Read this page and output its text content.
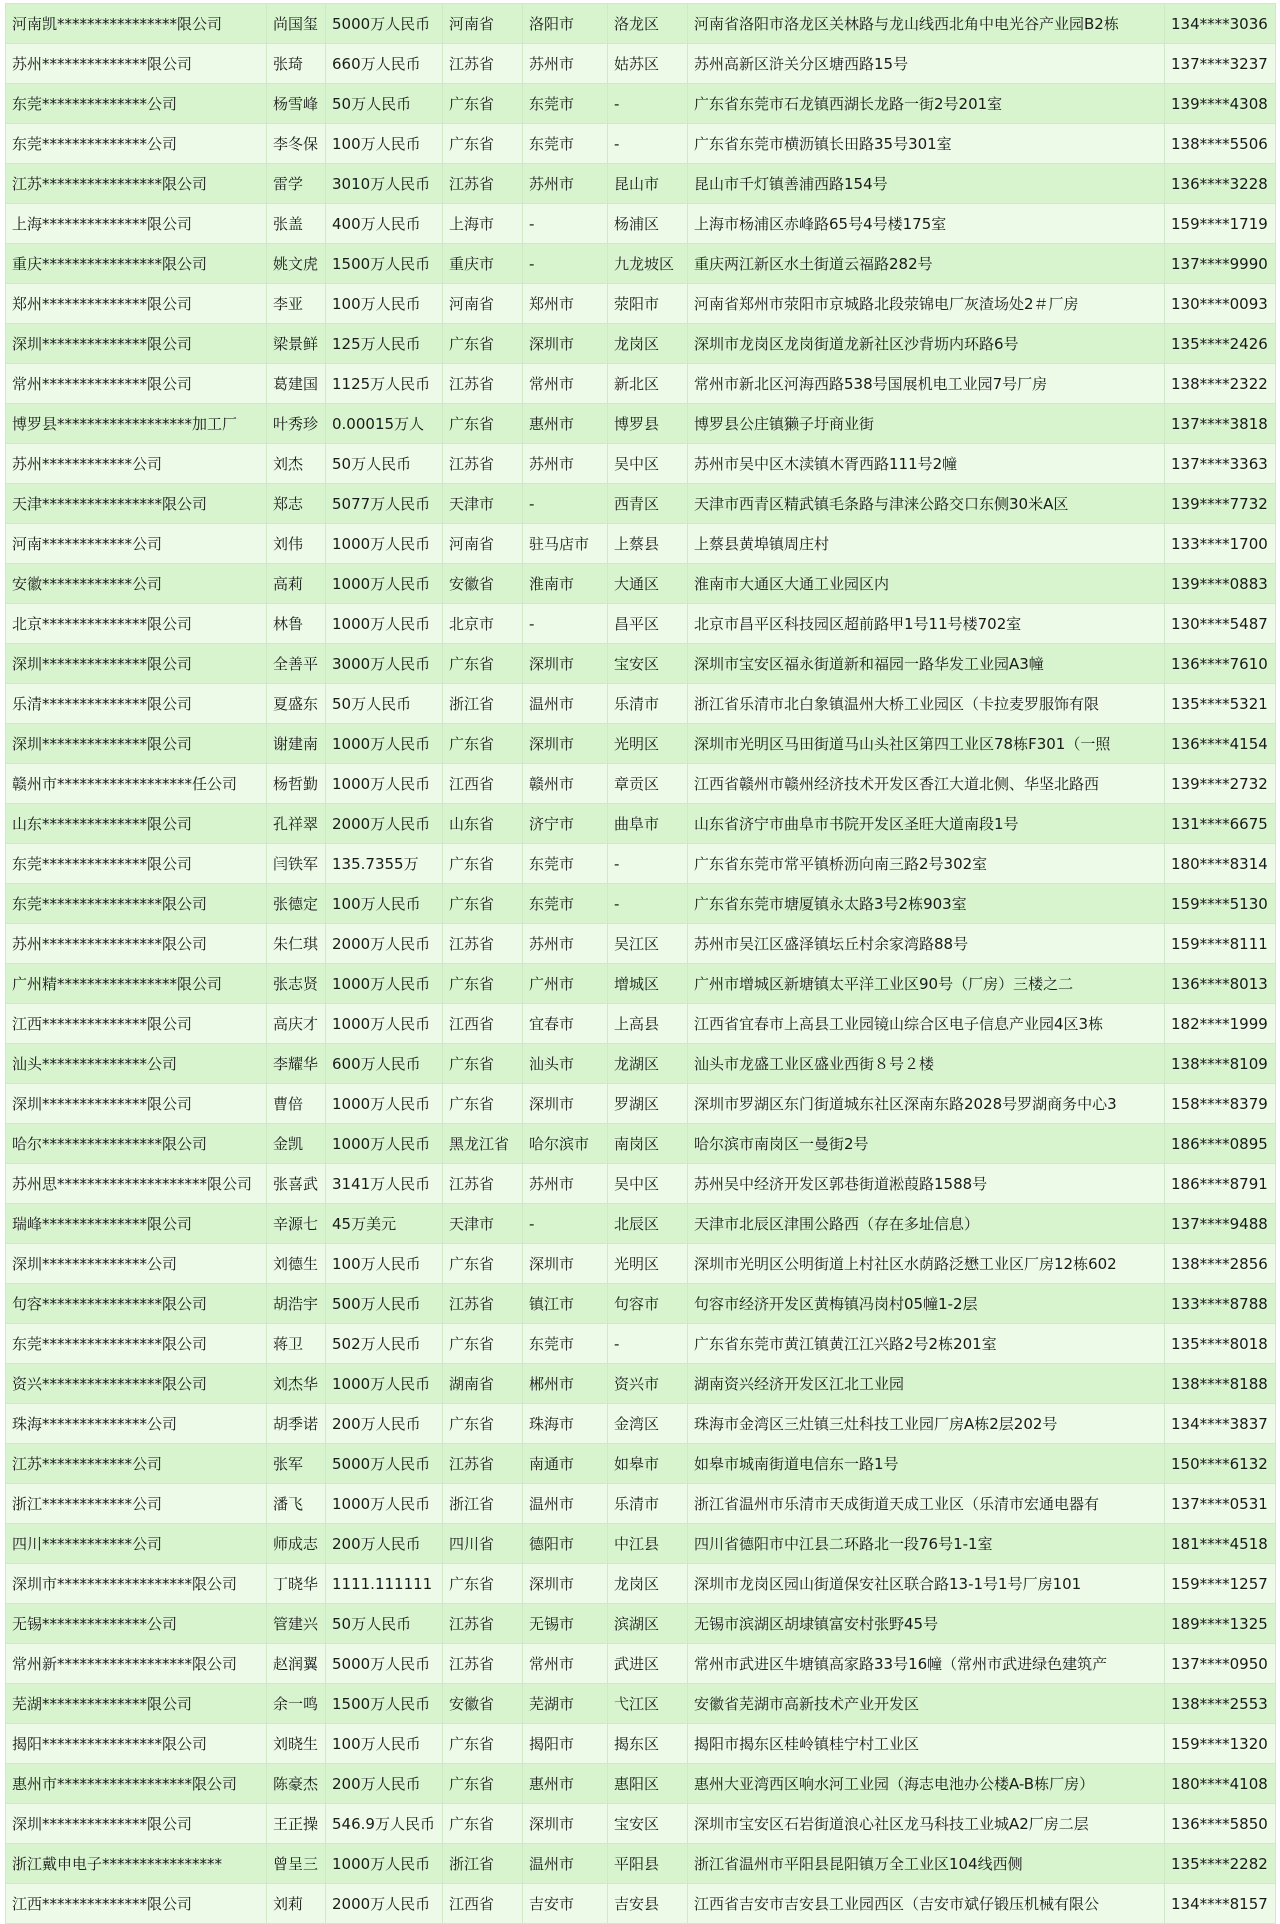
河南凯****************限公司	尚国玺	5000万人民币	河南省	洛阳市	洛龙区	河南省洛阳市洛龙区关林路与龙山线西北角中电光谷产业园B2栋	134****3036
苏州**************限公司	张琦	660万人民币	江苏省	苏州市	姑苏区	苏州高新区浒关分区塘西路15号	137****3237
东莞**************公司	杨雪峰	50万人民币	广东省	东莞市	-	广东省东莞市石龙镇西湖长龙路一街2号201室	139****4308
东莞**************公司	李冬保	100万人民币	广东省	东莞市	-	广东省东莞市横沥镇长田路35号301室	138****5506
江苏****************限公司	雷学	3010万人民币	江苏省	苏州市	昆山市	昆山市千灯镇善浦西路154号	136****3228
上海**************限公司	张盖	400万人民币	上海市	-	杨浦区	上海市杨浦区赤峰路65号4号楼175室	159****1719
重庆****************限公司	姚文虎	1500万人民币	重庆市	-	九龙坡区	重庆两江新区水土街道云福路282号	137****9990
郑州**************限公司	李亚	100万人民币	河南省	郑州市	荥阳市	河南省郑州市荥阳市京城路北段荥锦电厂灰渣场处2＃厂房	130****0093
深圳**************限公司	梁景鲜	125万人民币	广东省	深圳市	龙岗区	深圳市龙岗区龙岗街道龙新社区沙背坜内环路6号	135****2426
常州**************限公司	葛建国	1125万人民币	江苏省	常州市	新北区	常州市新北区河海西路538号国展机电工业园7号厂房	138****2322
博罗县******************加工厂	叶秀珍	0.00015万人	广东省	惠州市	博罗县	博罗县公庄镇獭子圩商业街	137****3818
苏州************公司	刘杰	50万人民币	江苏省	苏州市	吴中区	苏州市吴中区木渎镇木胥西路111号2幢	137****3363
天津****************限公司	郑志	5077万人民币	天津市	-	西青区	天津市西青区精武镇毛条路与津涞公路交口东侧30米A区	139****7732
河南************公司	刘伟	1000万人民币	河南省	驻马店市	上蔡县	上蔡县黄埠镇周庄村	133****1700
安徽************公司	高莉	1000万人民币	安徽省	淮南市	大通区	淮南市大通区大通工业园区内	139****0883
北京**************限公司	林鲁	1000万人民币	北京市	-	昌平区	北京市昌平区科技园区超前路甲1号11号楼702室	130****5487
深圳**************限公司	全善平	3000万人民币	广东省	深圳市	宝安区	深圳市宝安区福永街道新和福园一路华发工业园A3幢	136****7610
乐清**************限公司	夏盛东	50万人民币	浙江省	温州市	乐清市	浙江省乐清市北白象镇温州大桥工业园区（卡拉麦罗服饰有限	135****5321
深圳**************限公司	谢建南	1000万人民币	广东省	深圳市	光明区	深圳市光明区马田街道马山头社区第四工业区78栋F301（一照	136****4154
赣州市******************任公司	杨哲勤	1000万人民币	江西省	赣州市	章贡区	江西省赣州市赣州经济技术开发区香江大道北侧、华坚北路西	139****2732
山东**************限公司	孔祥翠	2000万人民币	山东省	济宁市	曲阜市	山东省济宁市曲阜市书院开发区圣旺大道南段1号	131****6675
东莞**************限公司	闫铁军	135.7355万	广东省	东莞市	-	广东省东莞市常平镇桥沥向南三路2号302室	180****8314
东莞****************限公司	张德定	100万人民币	广东省	东莞市	-	广东省东莞市塘厦镇永太路3号2栋903室	159****5130
苏州****************限公司	朱仁琪	2000万人民币	江苏省	苏州市	吴江区	苏州市吴江区盛泽镇坛丘村余家湾路88号	159****8111
广州精****************限公司	张志贤	1000万人民币	广东省	广州市	增城区	广州市增城区新塘镇太平洋工业区90号（厂房）三楼之二	136****8013
江西**************限公司	高庆才	1000万人民币	江西省	宜春市	上高县	江西省宜春市上高县工业园镜山综合区电子信息产业园4区3栋	182****1999
汕头**************公司	李耀华	600万人民币	广东省	汕头市	龙湖区	汕头市龙盛工业区盛业西街８号２楼	138****8109
深圳**************限公司	曹倍	1000万人民币	广东省	深圳市	罗湖区	深圳市罗湖区东门街道城东社区深南东路2028号罗湖商务中心3	158****8379
哈尔****************限公司	金凯	1000万人民币	黑龙江省	哈尔滨市	南岗区	哈尔滨市南岗区一曼街2号	186****0895
苏州思********************限公司	张喜武	3141万人民币	江苏省	苏州市	吴中区	苏州吴中经济开发区郭巷街道淞葭路1588号	186****8791
瑞峰**************限公司	辛源七	45万美元	天津市	-	北辰区	天津市北辰区津围公路西（存在多址信息）	137****9488
深圳**************公司	刘德生	100万人民币	广东省	深圳市	光明区	深圳市光明区公明街道上村社区水荫路泛懋工业区厂房12栋602	138****2856
句容****************限公司	胡浩宇	500万人民币	江苏省	镇江市	句容市	句容市经济开发区黄梅镇冯岗村05幢1-2层	133****8788
东莞****************限公司	蒋卫	502万人民币	广东省	东莞市	-	广东省东莞市黄江镇黄江江兴路2号2栋201室	135****8018
资兴****************限公司	刘杰华	1000万人民币	湖南省	郴州市	资兴市	湖南资兴经济开发区江北工业园	138****8188
珠海**************公司	胡季诺	200万人民币	广东省	珠海市	金湾区	珠海市金湾区三灶镇三灶科技工业园厂房A栋2层202号	134****3837
江苏************公司	张军	5000万人民币	江苏省	南通市	如皋市	如皋市城南街道电信东一路1号	150****6132
浙江************公司	潘飞	1000万人民币	浙江省	温州市	乐清市	浙江省温州市乐清市天成街道天成工业区（乐清市宏通电器有	137****0531
四川************公司	师成志	200万人民币	四川省	德阳市	中江县	四川省德阳市中江县二环路北一段76号1-1室	181****4518
深圳市******************限公司	丁晓华	1111.111111	广东省	深圳市	龙岗区	深圳市龙岗区园山街道保安社区联合路13-1号1号厂房101	159****1257
无锡**************公司	管建兴	50万人民币	江苏省	无锡市	滨湖区	无锡市滨湖区胡埭镇富安村张野45号	189****1325
常州新******************限公司	赵润翼	5000万人民币	江苏省	常州市	武进区	常州市武进区牛塘镇高家路33号16幢（常州市武进绿色建筑产	137****0950
芜湖**************限公司	余一鸣	1500万人民币	安徽省	芜湖市	弋江区	安徽省芜湖市高新技术产业开发区	138****2553
揭阳****************限公司	刘晓生	100万人民币	广东省	揭阳市	揭东区	揭阳市揭东区桂岭镇桂宁村工业区	159****1320
惠州市******************限公司	陈豪杰	200万人民币	广东省	惠州市	惠阳区	惠州大亚湾西区响水河工业园（海志电池办公楼A-B栋厂房）	180****4108
深圳**************限公司	王正操	546.9万人民币	广东省	深圳市	宝安区	深圳市宝安区石岩街道浪心社区龙马科技工业城A2厂房二层	136****5850
浙江戴申电子****************	曾呈三	1000万人民币	浙江省	温州市	平阳县	浙江省温州市平阳县昆阳镇万全工业区104线西侧	135****2282
江西**************限公司	刘莉	2000万人民币	江西省	吉安市	吉安县	江西省吉安市吉安县工业园西区（吉安市斌仔锻压机械有限公	134****8157
